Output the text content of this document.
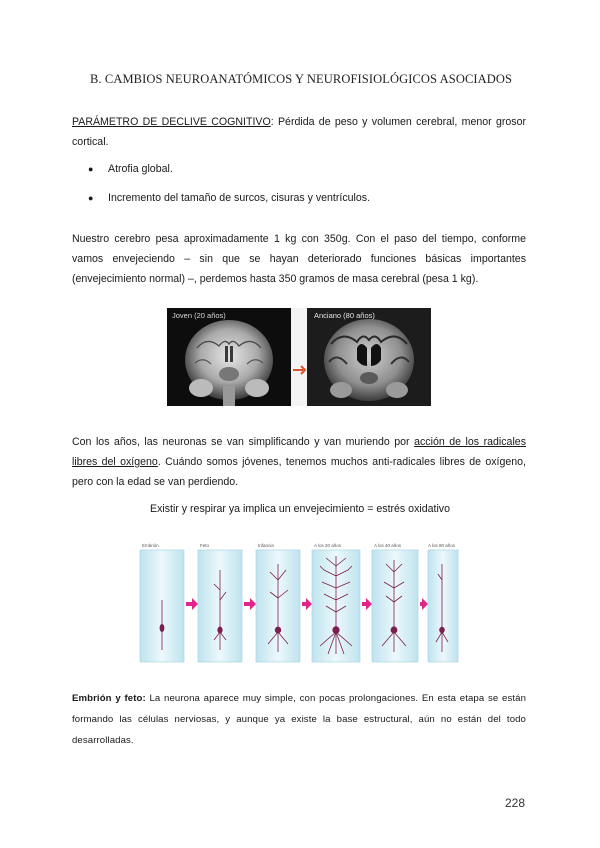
B. CAMBIOS NEUROANATÓMICOS Y NEUROFISIOLÓGICOS ASOCIADOS
PARÁMETRO DE DECLIVE COGNITIVO: Pérdida de peso y volumen cerebral, menor grosor cortical.
● Atrofia global.
● Incremento del tamaño de surcos, cisuras y ventrículos.
Nuestro cerebro pesa aproximadamente 1 kg con 350g. Con el paso del tiempo, conforme vamos envejeciendo – sin que se hayan deteriorado funciones básicas importantes (envejecimiento normal) –, perdemos hasta 350 gramos de masa cerebral (pesa 1 kg).
Joven (20 años)	Anciano (80 años)
Con los años, las neuronas se van simplificando y van muriendo por acción de los radicales libres del oxígeno. Cuándo somos jóvenes, tenemos muchos anti-radicales libres de oxígeno, pero con la edad se van perdiendo.
Existir y respirar ya implica un envejecimiento = estrés oxidativo
Embrión	Feto	Infancia	A los 20 años	A los 40 años	A los 80 años
Embrión y feto: La neurona aparece muy simple, con pocas prolongaciones. En esta etapa se están formando las células nerviosas, y aunque ya existe la base estructural, aún no están del todo desarrolladas.
228
